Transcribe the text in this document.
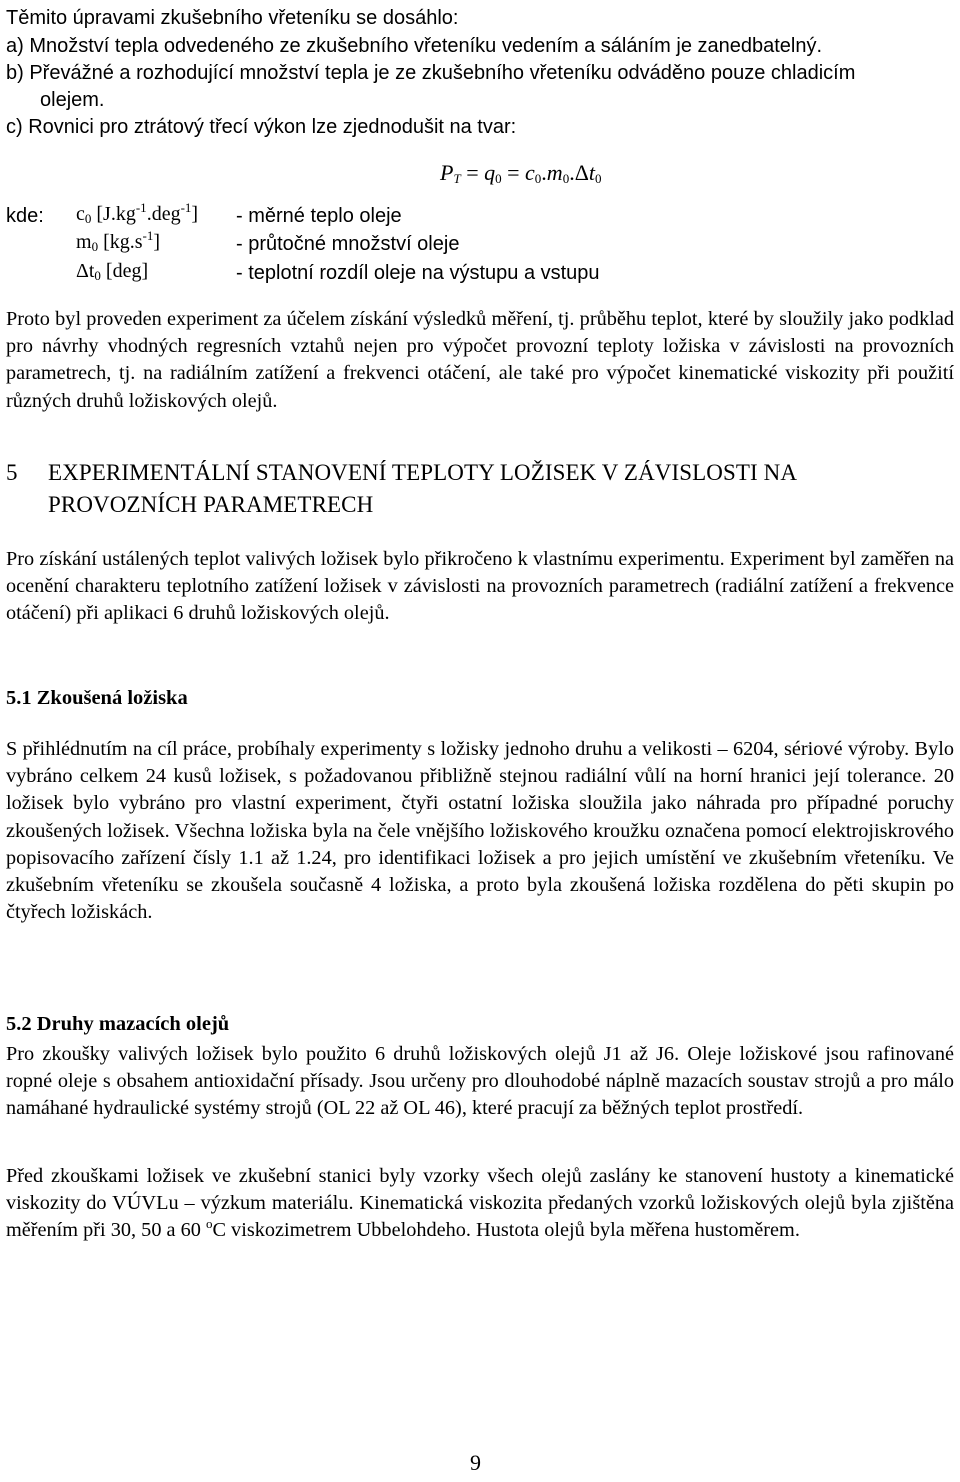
Těmito úpravami zkušebního vřeteníku se dosáhlo:
a) Množství tepla odvedeného ze zkušebního vřeteníku vedením a sáláním je zanedbatelný.
b) Převážné a rozhodující množství tepla je ze zkušebního vřeteníku odváděno pouze chladicím
olejem.
c) Rovnici pro ztrátový třecí výkon lze zjednodušit na tvar:
$P_T = q_0 = c_0.m_0.\Delta t_0$
kde: $c_0$ $[J.kg^{-1}.deg^{-1}]$ - měrné teplo oleje
$m_0$ $[kg.s^{-1}]$	- průtočné množství oleje
$\Delta t_0$ [deg]	- teplotní rozdíl oleje na výstupu a vstupu
Proto byl proveden experiment za účelem získání výsledků měření, tj. průběhu teplot, které by sloužily jako podklad pro návrhy vhodných regresních vztahů nejen pro výpočet provozní teploty ložiska v závislosti na provozních parametrech, tj. na radiálním zatížení a frekvenci otáčení, ale také pro výpočet kinematické viskozity při použití různých druhů ložiskových olejů.
5 EXPERIMENTÁLNÍ STANOVENÍ TEPLOTY LOŽISEK V ZÁVISLOSTI NA
PROVOZNÍCH PARAMETRECH
Pro získání ustálených teplot valivých ložisek bylo přikročeno k vlastnímu experimentu. Experiment byl zaměřen na ocenění charakteru teplotního zatížení ložisek v závislosti na provozních parametrech (radiální zatížení a frekvence otáčení) při aplikaci 6 druhů ložiskových olejů.
5.1 Zkoušená ložiska
S přihlédnutím na cíl práce, probíhaly experimenty s ložisky jednoho druhu a velikosti – 6204, sériové výroby. Bylo vybráno celkem 24 kusů ložisek, s požadovanou přibližně stejnou radiální vůlí na horní hranici její tolerance. 20 ložisek bylo vybráno pro vlastní experiment, čtyři ostatní ložiska sloužila jako náhrada pro případné poruchy zkoušených ložisek. Všechna ložiska byla na čele vnějšího ložiskového kroužku označena pomocí elektrojiskrového popisovacího zařízení čísly 1.1 až 1.24, pro identifikaci ložisek a pro jejich umístění ve zkušebním vřeteníku. Ve zkušebním vřeteníku se zkoušela současně 4 ložiska, a proto byla zkoušená ložiska rozdělena do pěti skupin po čtyřech ložiskách.
5.2 Druhy mazacích olejů
Pro zkoušky valivých ložisek bylo použito 6 druhů ložiskových olejů J1 až J6. Oleje ložiskové jsou rafinované ropné oleje s obsahem antioxidační přísady. Jsou určeny pro dlouhodobé náplně mazacích soustav strojů a pro málo namáhané hydraulické systémy strojů (OL 22 až OL 46), které pracují za běžných teplot prostředí.
Před zkouškami ložisek ve zkušební stanici byly vzorky všech olejů zaslány ke stanovení hustoty a kinematické viskozity do VÚVLu – výzkum materiálu. Kinematická viskozita předaných vzorků ložiskových olejů byla zjištěna měřením při 30, 50 a 60 $^o$C viskozimetrem Ubbelohdeho. Hustota olejů byla měřena hustoměrem.
9
